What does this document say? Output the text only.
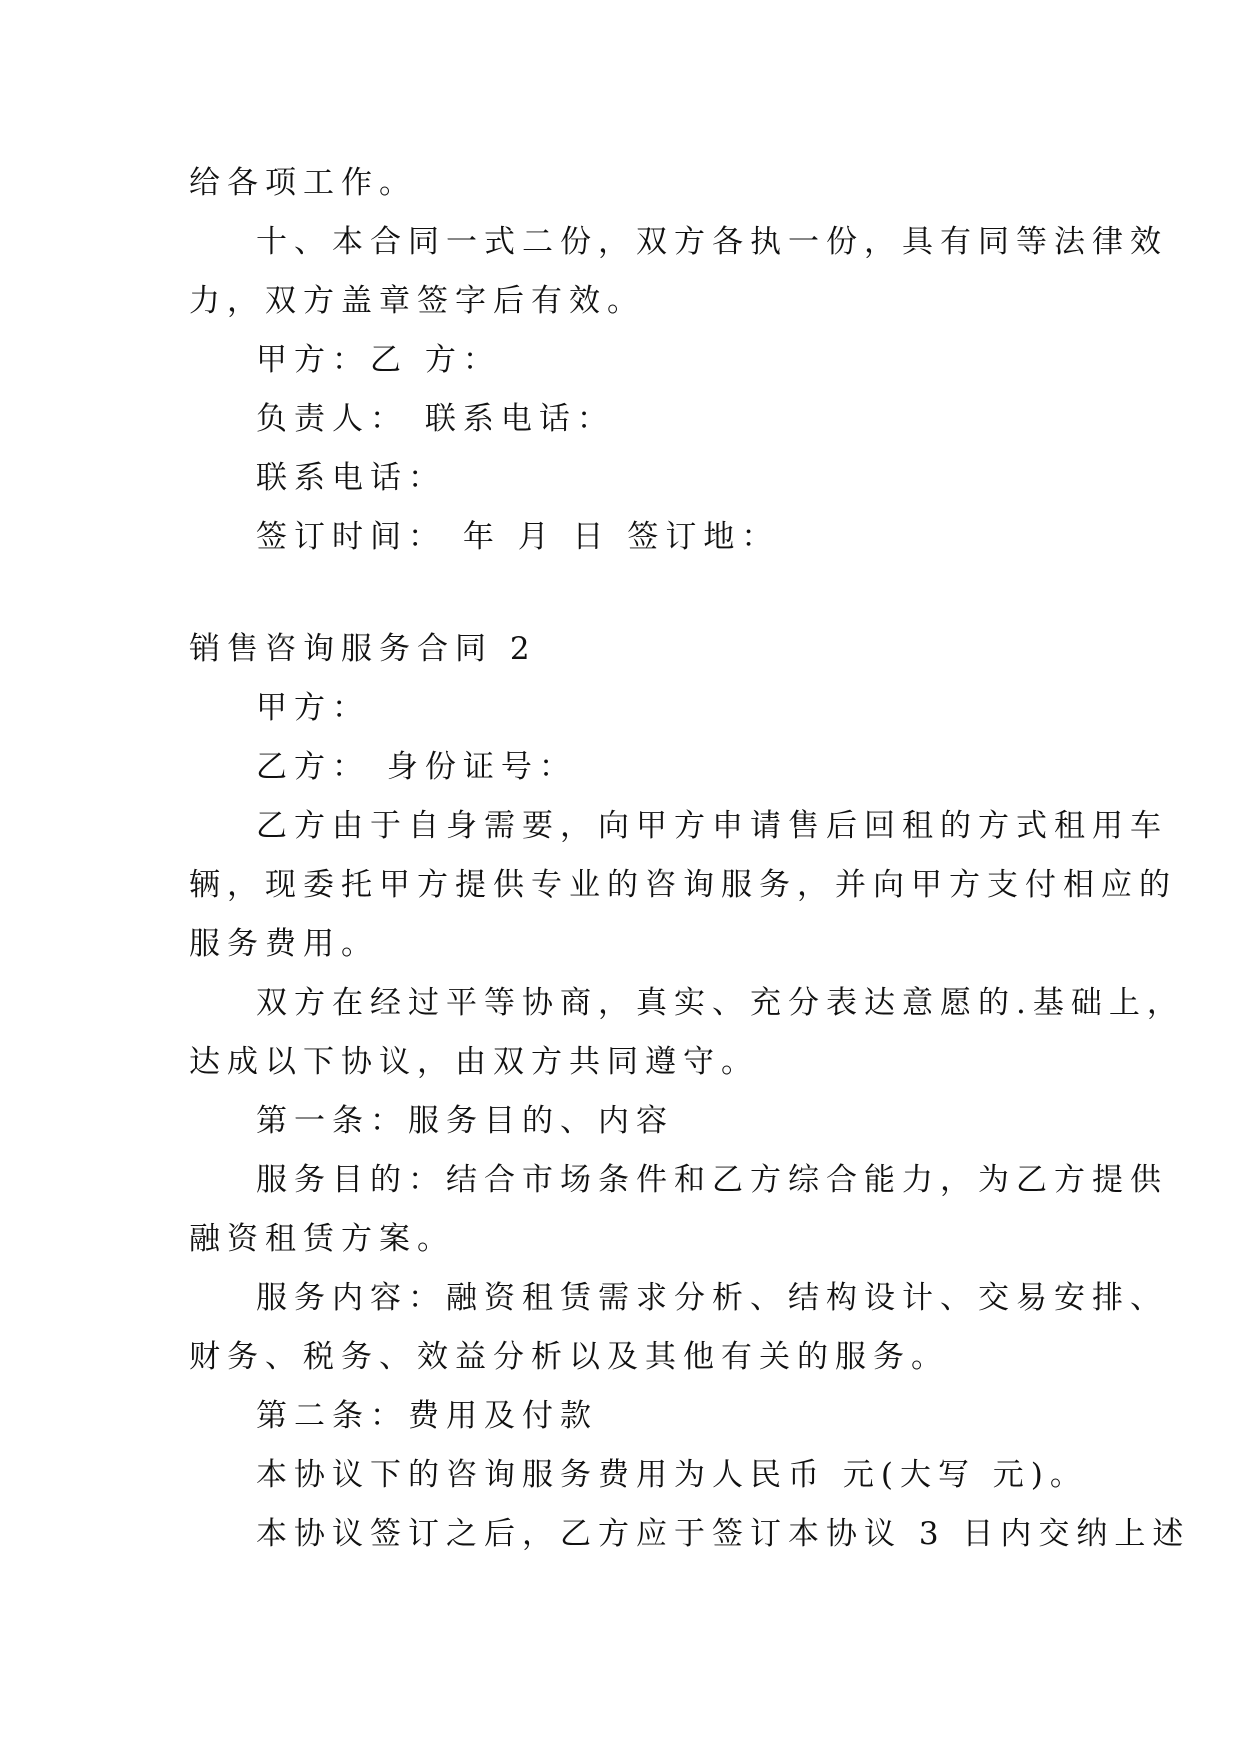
给各项工作。
十、本合同一式二份，双方各执一份，具有同等法律效
力，双方盖章签字后有效。
甲方：乙 方：
负责人： 联系电话：
联系电话：
签订时间： 年 月 日 签订地：
销售咨询服务合同 2
甲方：
乙方： 身份证号：
乙方由于自身需要，向甲方申请售后回租的方式租用车
辆，现委托甲方提供专业的咨询服务，并向甲方支付相应的
服务费用。
双方在经过平等协商，真实、充分表达意愿的.基础上，
达成以下协议，由双方共同遵守。
第一条：服务目的、内容
服务目的：结合市场条件和乙方综合能力，为乙方提供
融资租赁方案。
服务内容：融资租赁需求分析、结构设计、交易安排、
财务、税务、效益分析以及其他有关的服务。
第二条：费用及付款
本协议下的咨询服务费用为人民币 元(大写 元)。
本协议签订之后，乙方应于签订本协议 3 日内交纳上述
